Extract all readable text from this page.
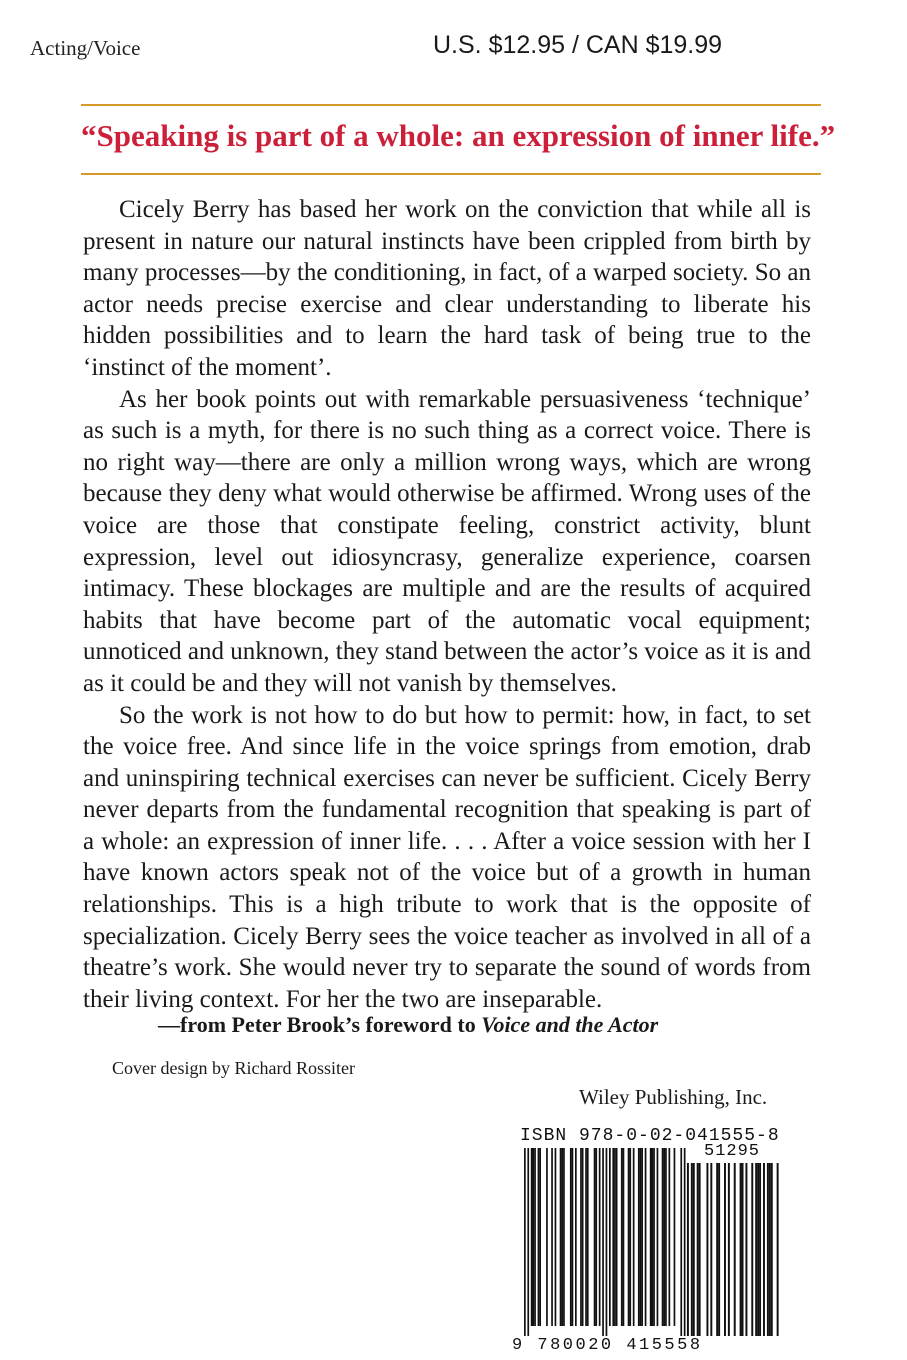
Acting/Voice	U.S. $12.95 / CAN $19.99
“Speaking is part of a whole: an expression of inner life.”

Cicely Berry has based her work on the conviction that while all is present in nature our natural instincts have been crippled from birth by many processes—by the conditioning, in fact, of a warped society. So an actor needs precise exercise and clear understanding to liberate his hidden possibilities and to learn the hard task of being true to the ‘instinct of the moment’.

As her book points out with remarkable persuasiveness ‘technique’ as such is a myth, for there is no such thing as a correct voice. There is no right way—there are only a million wrong ways, which are wrong because they deny what would otherwise be affirmed. Wrong uses of the voice are those that constipate feeling, constrict activity, blunt expression, level out idiosyncrasy, generalize experience, coarsen intimacy. These blockages are multiple and are the results of acquired habits that have become part of the automatic vocal equipment; unnoticed and unknown, they stand between the actor’s voice as it is and as it could be and they will not vanish by themselves.

So the work is not how to do but how to permit: how, in fact, to set the voice free. And since life in the voice springs from emotion, drab and uninspiring technical exercises can never be sufficient. Cicely Berry never departs from the fundamental recognition that speaking is part of a whole: an expression of inner life. . . . After a voice session with her I have known actors speak not of the voice but of a growth in human relationships. This is a high tribute to work that is the opposite of specialization. Cicely Berry sees the voice teacher as involved in all of a theatre’s work. She would never try to separate the sound of words from their living context. For her the two are inseparable.

—from Peter Brook’s foreword to Voice and the Actor
Cover design by Richard Rossiter
Wiley Publishing, Inc.
ISBN 978-0-02-041555-8
51295
9 780020 415558
